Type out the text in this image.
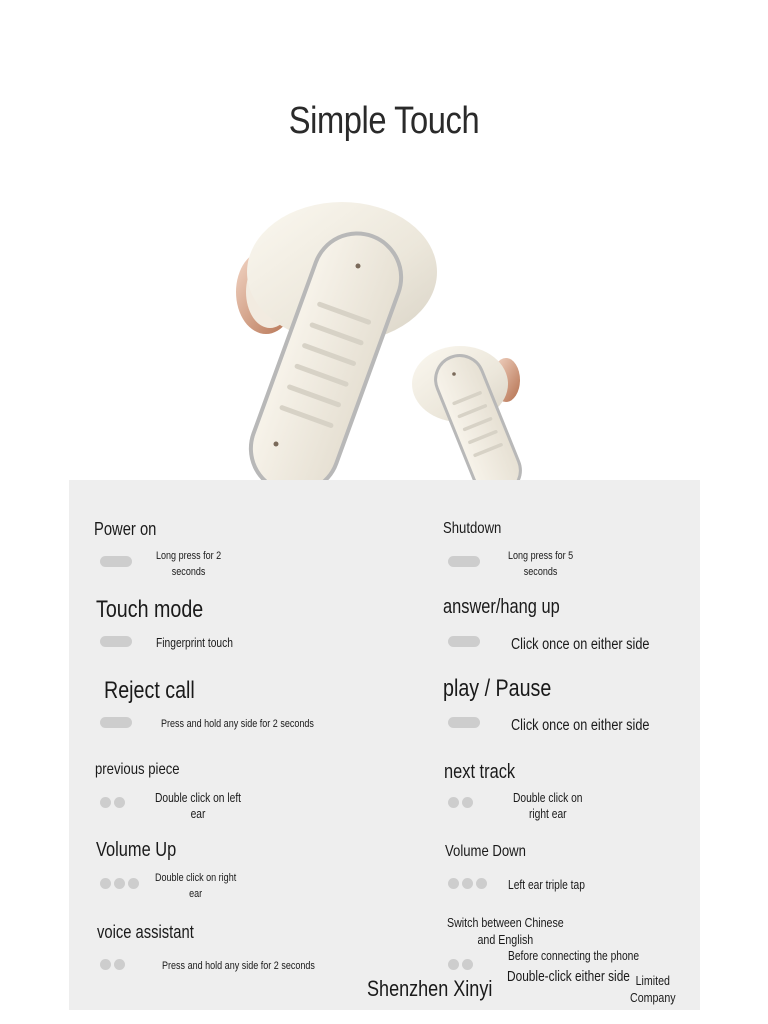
Simple Touch
Power on
Long press for 2
seconds
Shutdown
Long press for 5
seconds
Touch mode
Fingerprint touch
answer/hang up
Click once on either side
Reject call
Press and hold any side for 2 seconds
play / Pause
Click once on either side
previous piece
Double click on left
ear
next track
Double click on
right ear
Volume Up
Double click on right
ear
Volume Down
Left ear triple tap
voice assistant
Press and hold any side for 2 seconds
Switch between Chinese
and English
Before connecting the phone
Double-click either side
Shenzhen Xinyi	Limited
Company
